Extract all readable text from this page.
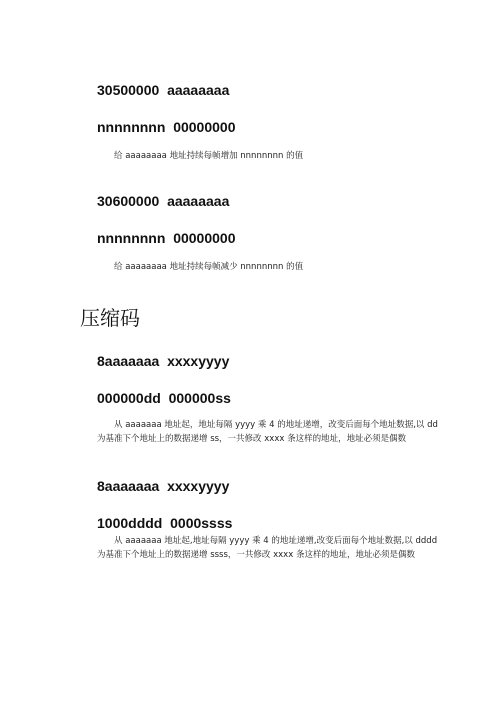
30500000  aaaaaaaa

nnnnnnnn  00000000

给 aaaaaaaa 地址持续每帧增加 nnnnnnnn 的值

30600000  aaaaaaaa

nnnnnnnn  00000000

给 aaaaaaaa 地址持续每帧减少 nnnnnnnn 的值

压缩码

8aaaaaaa  xxxxyyyy

000000dd  000000ss

从 aaaaaaa 地址起，地址每隔 yyyy 乘 4 的地址递增，改变后面每个地址数据,以 dd

为基准下个地址上的数据递增 ss，一共修改 xxxx 条这样的地址，地址必须是偶数

8aaaaaaa  xxxxyyyy

1000dddd  0000ssss

从 aaaaaaa 地址起,地址每隔 yyyy 乘 4 的地址递增,改变后面每个地址数据,以 dddd

为基准下个地址上的数据递增 ssss，一共修改 xxxx 条这样的地址，地址必须是偶数
